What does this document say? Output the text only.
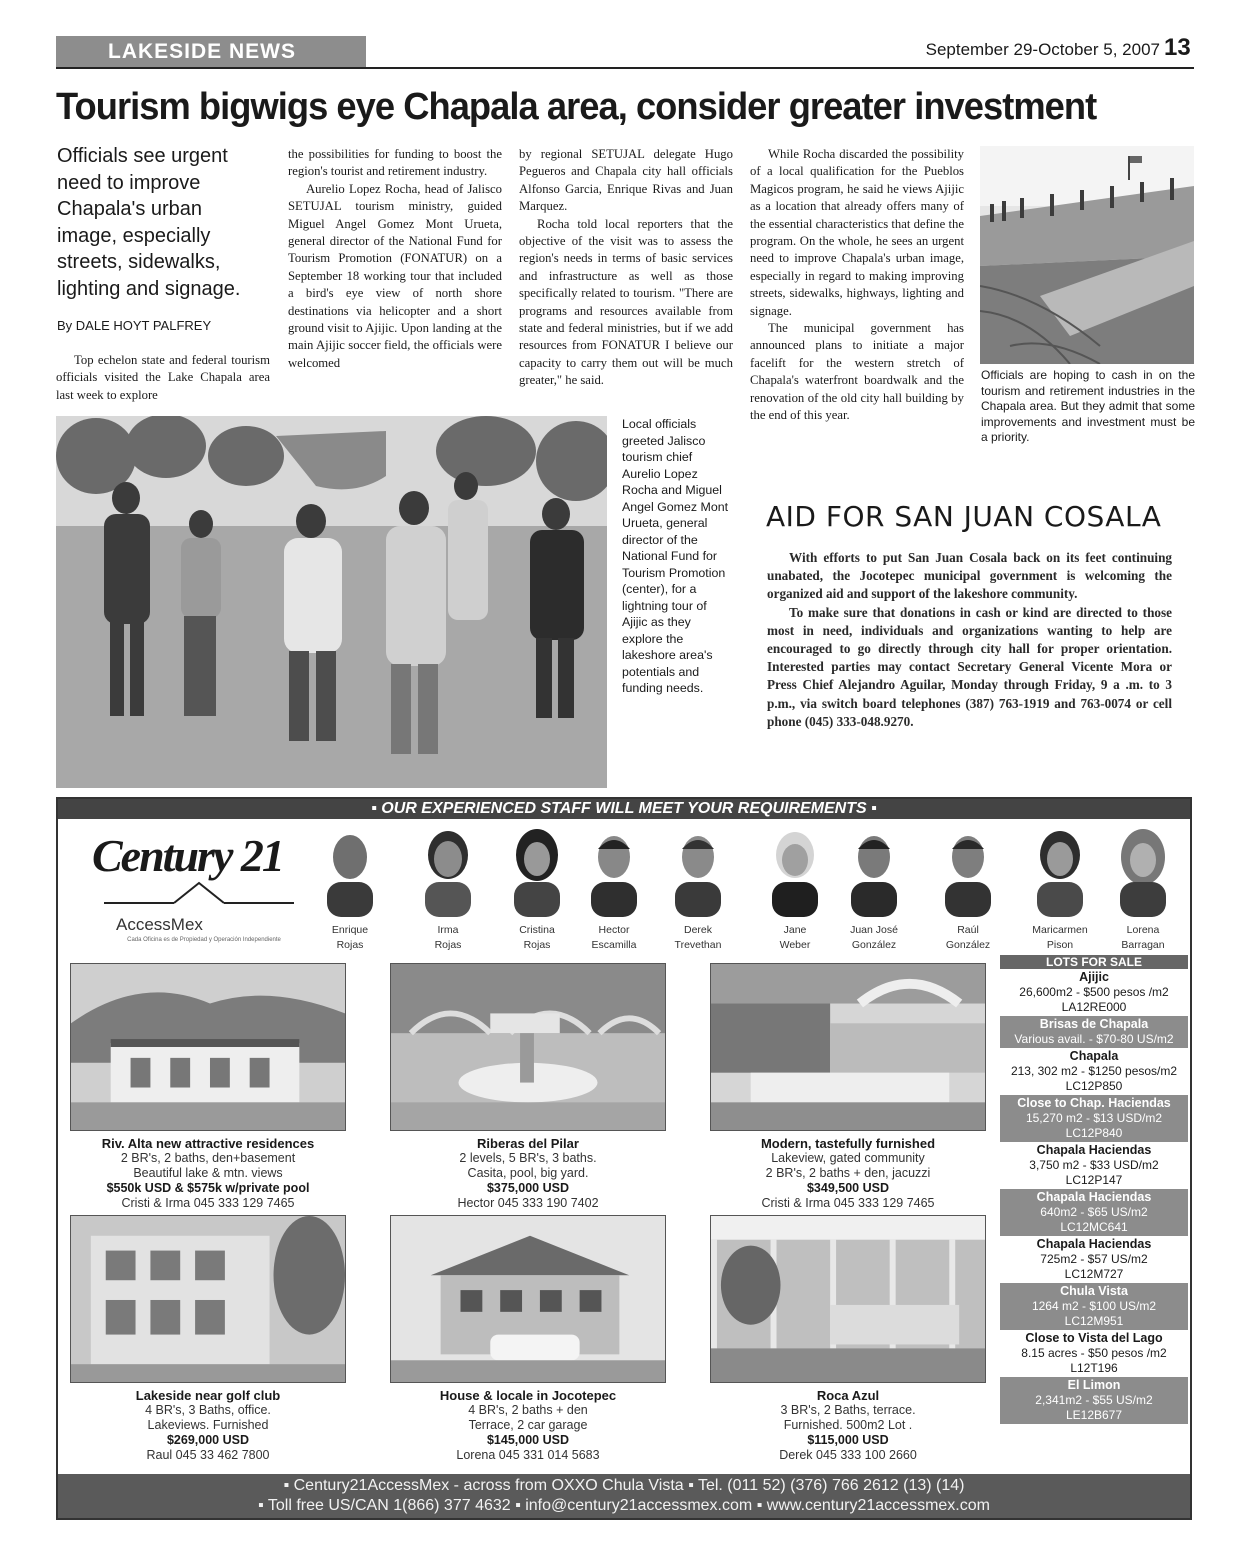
LAKESIDE NEWS	September 29-October 5, 2007 13
Tourism bigwigs eye Chapala area, consider greater investment
Officials see urgent need to improve Chapala's urban image, especially streets, sidewalks, lighting and signage.
By DALE HOYT PALFREY

Top echelon state and federal tourism officials visited the Lake Chapala area last week to explore

the possibilities for funding to boost the region's tourist and retirement industry.

Aurelio Lopez Rocha, head of Jalisco SETUJAL tourism ministry, guided Miguel Angel Gomez Mont Urueta, general director of the National Fund for Tourism Promotion (FONATUR) on a September 18 working tour that included a bird's eye view of north shore destinations via helicopter and a short ground visit to Ajijic. Upon landing at the main Ajijic soccer field, the officials were welcomed

by regional SETUJAL delegate Hugo Pegueros and Chapala city hall officials Alfonso Garcia, Enrique Rivas and Juan Marquez.

Rocha told local reporters that the objective of the visit was to assess the region's needs in terms of basic services and infrastructure as well as those specifically related to tourism. "There are programs and resources available from state and federal ministries, but if we add resources from FONATUR I believe our capacity to carry them out will be much greater," he said.

While Rocha discarded the possibility of a local qualification for the Pueblos Magicos program, he said he views Ajijic as a location that already offers many of the essential characteristics that define the program. On the whole, he sees an urgent need to improve Chapala's urban image, especially in regard to making improving streets, sidewalks, highways, lighting and signage.

The municipal government has announced plans to initiate a major facelift for the western stretch of Chapala's waterfront boardwalk and the renovation of the old city hall building by the end of this year.

Officials are hoping to cash in on the tourism and retirement industries in the Chapala area. But they admit that some improvements and investment must be a priority.
Local officials greeted Jalisco tourism chief Aurelio Lopez Rocha and Miguel Angel Gomez Mont Urueta, general director of the National Fund for Tourism Promotion (center), for a lightning tour of Ajijic as they explore the lakeshore area's potentials and funding needs.
AID FOR SAN JUAN COSALA

With efforts to put San Juan Cosala back on its feet continuing unabated, the Jocotepec municipal government is welcoming the organized aid and support of the lakeshore community.

To make sure that donations in cash or kind are directed to those most in need, individuals and organizations wanting to help are encouraged to go directly through city hall for proper orientation. Interested parties may contact Secretary General Vicente Mora or Press Chief Alejandro Aguilar, Monday through Friday, 9 a .m. to 3 p.m., via switch board telephones (387) 763-1919 and 763-0074 or cell phone (045) 333-048.9270.

▪ OUR EXPERIENCED STAFF WILL MEET YOUR REQUIREMENTS ▪
Century 21
AccessMex
Cada Oficina es de Propiedad y Operación Independiente
Enrique
Rojas
Irma
Rojas
Cristina
Rojas
Hector
Escamilla
Derek
Trevethan
Jane
Weber
Juan José
González
Raúl
González
Maricarmen
Pison
Lorena
Barragan
Riv. Alta new attractive residences
2 BR's, 2 baths, den+basement
Beautiful lake & mtn. views
$550k USD & $575k w/private pool
Cristi & Irma 045 333 129 7465
Riberas del Pilar
2 levels, 5 BR's, 3 baths.
Casita, pool, big yard.
$375,000 USD
Hector 045 333 190 7402
Modern, tastefully furnished
Lakeview, gated community
2 BR's, 2 baths + den, jacuzzi
$349,500 USD
Cristi & Irma 045 333 129 7465
Lakeside near golf club
4 BR's, 3 Baths, office.
Lakeviews. Furnished
$269,000 USD
Raul 045 33 462 7800
House & locale in Jocotepec
4 BR's, 2 baths + den
Terrace, 2 car garage
$145,000 USD
Lorena 045 331 014 5683
Roca Azul
3 BR's, 2 Baths, terrace.
Furnished. 500m2 Lot .
$115,000 USD
Derek 045 333 100 2660
LOTS FOR SALE
Ajijic
26,600m2 - $500 pesos /m2
LA12RE000
Brisas de Chapala
Various avail. - $70-80 US/m2
Chapala
213, 302 m2 - $1250 pesos/m2
LC12P850
Close to Chap. Haciendas
15,270 m2 - $13 USD/m2
LC12P840
Chapala Haciendas
3,750 m2 - $33 USD/m2
LC12P147
Chapala Haciendas
640m2 - $65 US/m2
LC12MC641
Chapala Haciendas
725m2 - $57 US/m2
LC12M727
Chula Vista
1264 m2 - $100 US/m2
LC12M951
Close to Vista del Lago
8.15 acres - $50 pesos /m2
L12T196
El Limon
2,341m2 - $55 US/m2
LE12B677
▪ Century21AccessMex - across from OXXO Chula Vista ▪ Tel. (011 52) (376) 766 2612 (13) (14)
▪ Toll free US/CAN 1(866) 377 4632 ▪ info@century21accessmex.com ▪ www.century21accessmex.com
